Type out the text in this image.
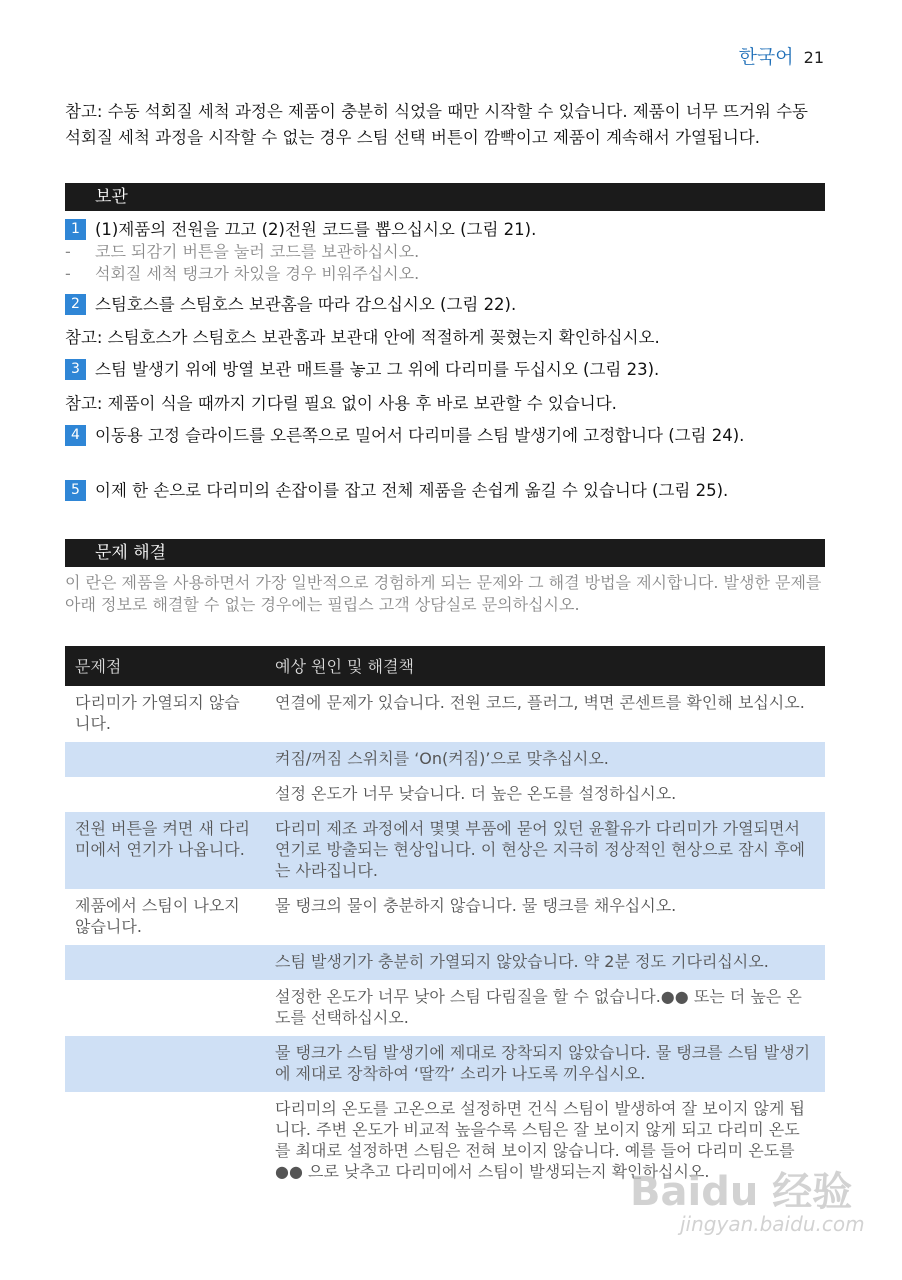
한국어 21
참고: 수동 석회질 세척 과정은 제품이 충분히 식었을 때만 시작할 수 있습니다. 제품이 너무 뜨거워 수동 석회질 세척 과정을 시작할 수 없는 경우 스팀 선택 버튼이 깜빡이고 제품이 계속해서 가열됩니다.
보관
1 (1)제품의 전원을 끄고 (2)전원 코드를 뽑으십시오 (그림 21).
- 코드 되감기 버튼을 눌러 코드를 보관하십시오.
- 석회질 세척 탱크가 차있을 경우 비워주십시오.
2 스팀호스를 스팀호스 보관홈을 따라 감으십시오 (그림 22).
참고: 스팀호스가 스팀호스 보관홈과 보관대 안에 적절하게 꽂혔는지 확인하십시오.
3 스팀 발생기 위에 방열 보관 매트를 놓고 그 위에 다리미를 두십시오 (그림 23).
참고: 제품이 식을 때까지 기다릴 필요 없이 사용 후 바로 보관할 수 있습니다.
4 이동용 고정 슬라이드를 오른쪽으로 밀어서 다리미를 스팀 발생기에 고정합니다 (그림 24).
5 이제 한 손으로 다리미의 손잡이를 잡고 전체 제품을 손쉽게 옮길 수 있습니다 (그림 25).
문제 해결
이 란은 제품을 사용하면서 가장 일반적으로 경험하게 되는 문제와 그 해결 방법을 제시합니다. 발생한 문제를 아래 정보로 해결할 수 없는 경우에는 필립스 고객 상담실로 문의하십시오.
문제점	예상 원인 및 해결책
다리미가 가열되지 않습니다.	연결에 문제가 있습니다. 전원 코드, 플러그, 벽면 콘센트를 확인해 보십시오.
	켜짐/꺼짐 스위치를 ‘On(켜짐)’으로 맞추십시오.
	설정 온도가 너무 낮습니다. 더 높은 온도를 설정하십시오.
전원 버튼을 켜면 새 다리미에서 연기가 나옵니다.	다리미 제조 과정에서 몇몇 부품에 묻어 있던 윤활유가 다리미가 가열되면서 연기로 방출되는 현상입니다. 이 현상은 지극히 정상적인 현상으로 잠시 후에는 사라집니다.
제품에서 스팀이 나오지 않습니다.	물 탱크의 물이 충분하지 않습니다. 물 탱크를 채우십시오.
	스팀 발생기가 충분히 가열되지 않았습니다. 약 2분 정도 기다리십시오.
	설정한 온도가 너무 낮아 스팀 다림질을 할 수 없습니다.●● 또는 더 높은 온도를 선택하십시오.
	물 탱크가 스팀 발생기에 제대로 장착되지 않았습니다. 물 탱크를 스팀 발생기에 제대로 장착하여 ‘딸깍’ 소리가 나도록 끼우십시오.
	다리미의 온도를 고온으로 설정하면 건식 스팀이 발생하여 잘 보이지 않게 됩니다. 주변 온도가 비교적 높을수록 스팀은 잘 보이지 않게 되고 다리미 온도를 최대로 설정하면 스팀은 전혀 보이지 않습니다. 예를 들어 다리미 온도를 ●● 으로 낮추고 다리미에서 스팀이 발생되는지 확인하십시오.
Baidu 经验
jingyan.baidu.com
